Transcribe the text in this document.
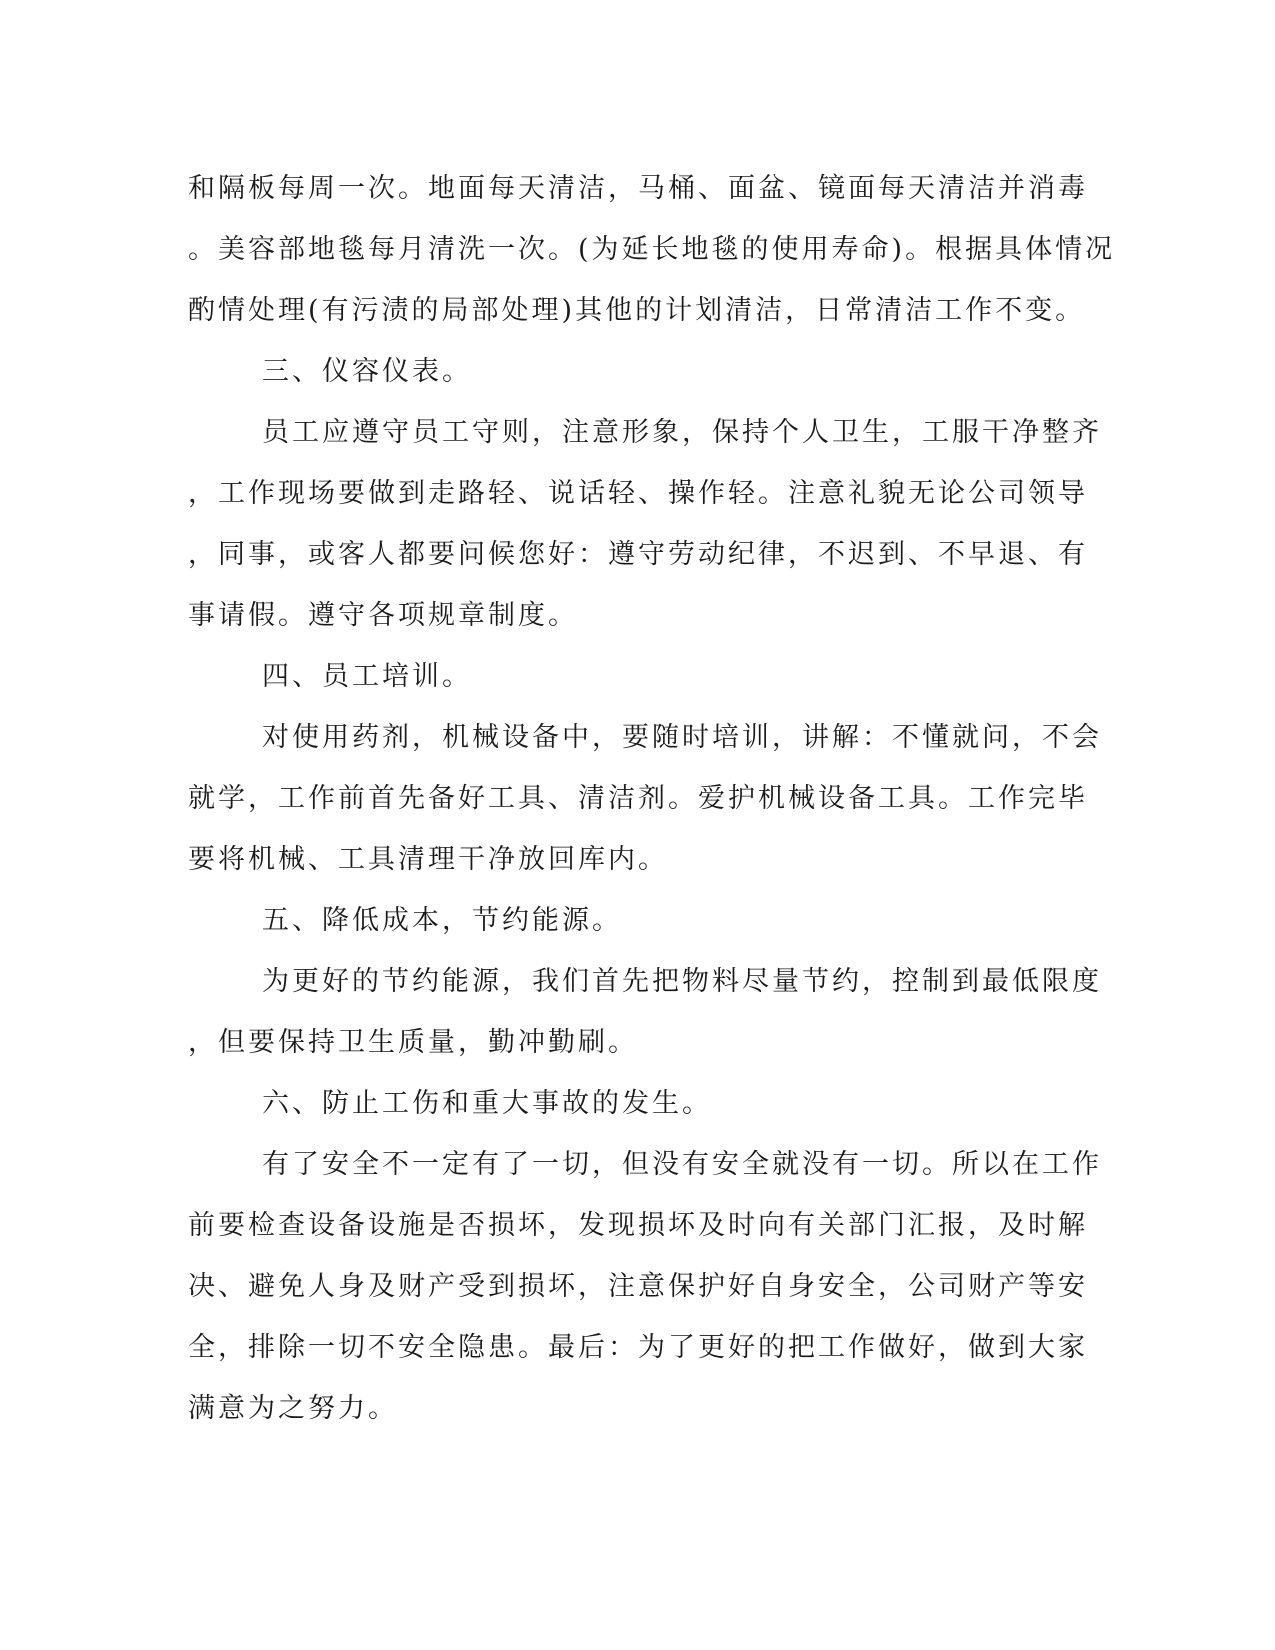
和隔板每周一次。地面每天清洁，马桶、面盆、镜面每天清洁并消毒
。美容部地毯每月清洗一次。(为延长地毯的使用寿命)。根据具体情况
酌情处理(有污渍的局部处理)其他的计划清洁，日常清洁工作不变。
三、仪容仪表。
员工应遵守员工守则，注意形象，保持个人卫生，工服干净整齐
，工作现场要做到走路轻、说话轻、操作轻。注意礼貌无论公司领导
，同事，或客人都要问候您好：遵守劳动纪律，不迟到、不早退、有
事请假。遵守各项规章制度。
四、员工培训。
对使用药剂，机械设备中，要随时培训，讲解：不懂就问，不会
就学，工作前首先备好工具、清洁剂。爱护机械设备工具。工作完毕
要将机械、工具清理干净放回库内。
五、降低成本，节约能源。
为更好的节约能源，我们首先把物料尽量节约，控制到最低限度
，但要保持卫生质量，勤冲勤刷。
六、防止工伤和重大事故的发生。
有了安全不一定有了一切，但没有安全就没有一切。所以在工作
前要检查设备设施是否损坏，发现损坏及时向有关部门汇报，及时解
决、避免人身及财产受到损坏，注意保护好自身安全，公司财产等安
全，排除一切不安全隐患。最后：为了更好的把工作做好，做到大家
满意为之努力。
